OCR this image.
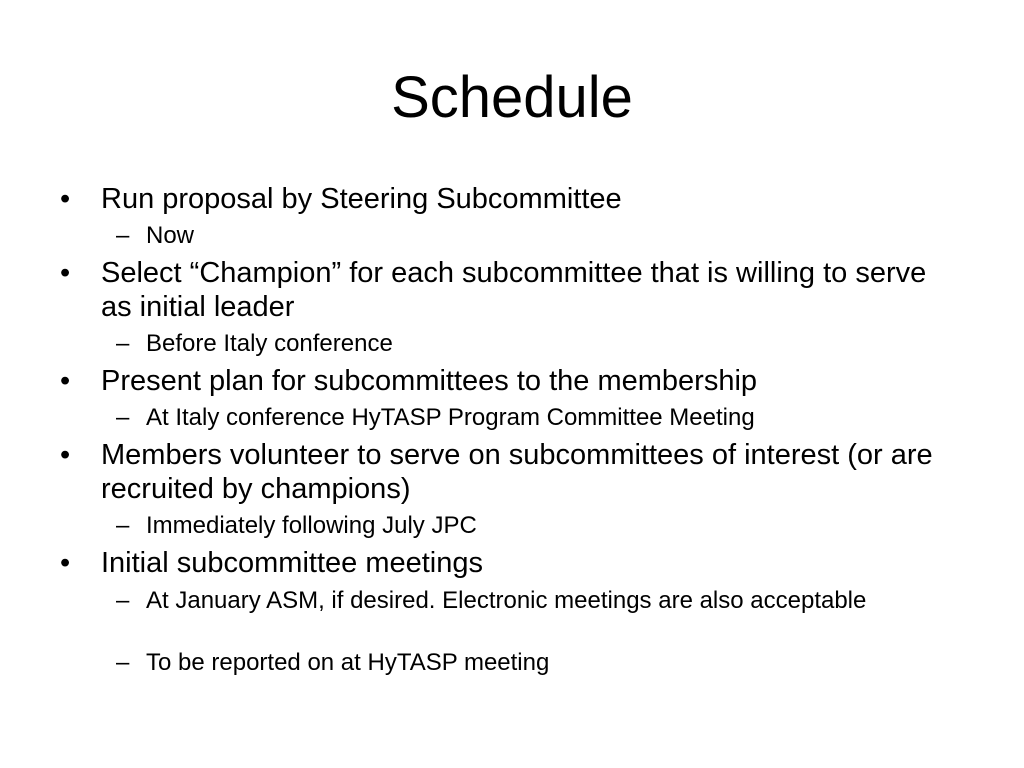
Schedule
• Run proposal by Steering Subcommittee
– Now
• Select “Champion” for each subcommittee that is willing to serve as initial leader
– Before Italy conference
• Present plan for subcommittees to the membership
– At Italy conference HyTASP Program Committee Meeting
• Members volunteer to serve on subcommittees of interest (or are recruited by champions)
– Immediately following July JPC
• Initial subcommittee meetings
– At January ASM, if desired. Electronic meetings are also acceptable
– To be reported on at HyTASP meeting
